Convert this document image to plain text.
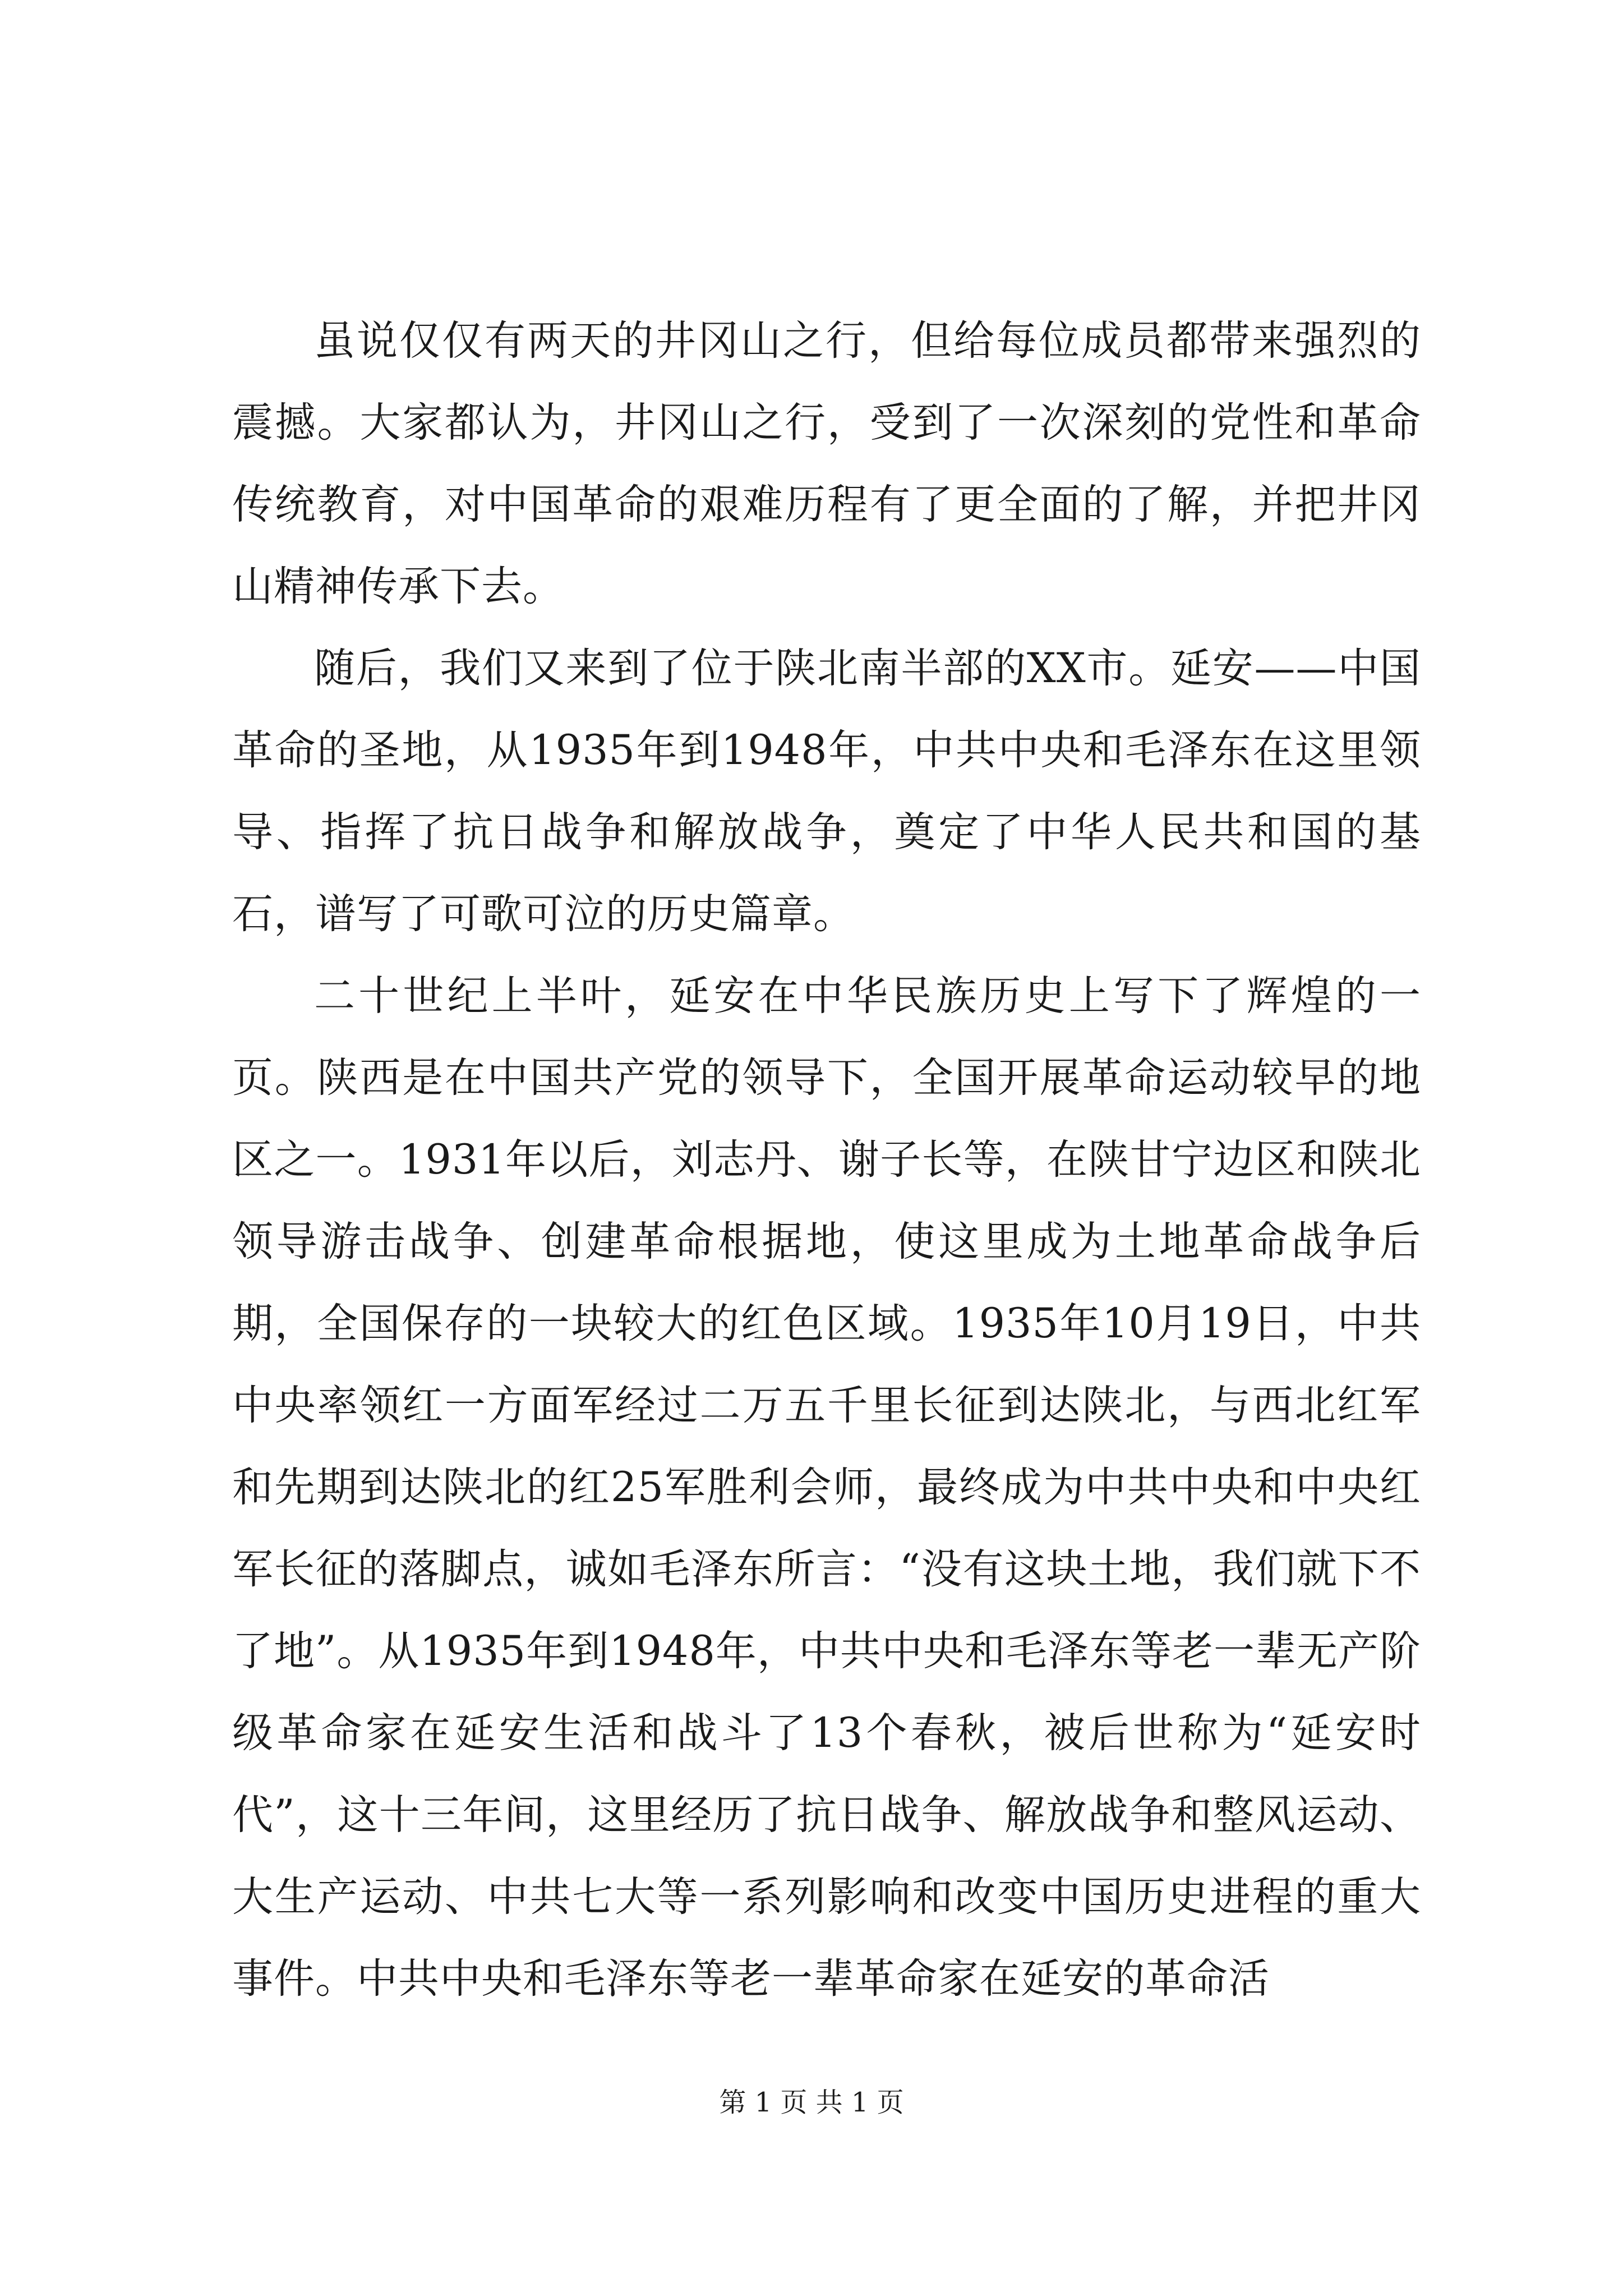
虽说仅仅有两天的井冈山之行，但给每位成员都带来强烈的震撼。大家都认为，井冈山之行，受到了一次深刻的党性和革命传统教育，对中国革命的艰难历程有了更全面的了解，并把井冈山精神传承下去。

随后，我们又来到了位于陕北南半部的XX市。延安——中国革命的圣地，从1935年到1948年，中共中央和毛泽东在这里领导、指挥了抗日战争和解放战争，奠定了中华人民共和国的基石，谱写了可歌可泣的历史篇章。

二十世纪上半叶，延安在中华民族历史上写下了辉煌的一页。陕西是在中国共产党的领导下，全国开展革命运动较早的地区之一。1931年以后，刘志丹、谢子长等，在陕甘宁边区和陕北领导游击战争、创建革命根据地，使这里成为土地革命战争后期，全国保存的一块较大的红色区域。1935年10月19日，中共中央率领红一方面军经过二万五千里长征到达陕北，与西北红军和先期到达陕北的红25军胜利会师，最终成为中共中央和中央红军长征的落脚点，诚如毛泽东所言：“没有这块土地，我们就下不了地”。从1935年到1948年，中共中央和毛泽东等老一辈无产阶级革命家在延安生活和战斗了13个春秋，被后世称为“延安时代”，这十三年间，这里经历了抗日战争、解放战争和整风运动、大生产运动、中共七大等一系列影响和改变中国历史进程的重大事件。中共中央和毛泽东等老一辈革命家在延安的革命活

第 1 页 共 1 页
